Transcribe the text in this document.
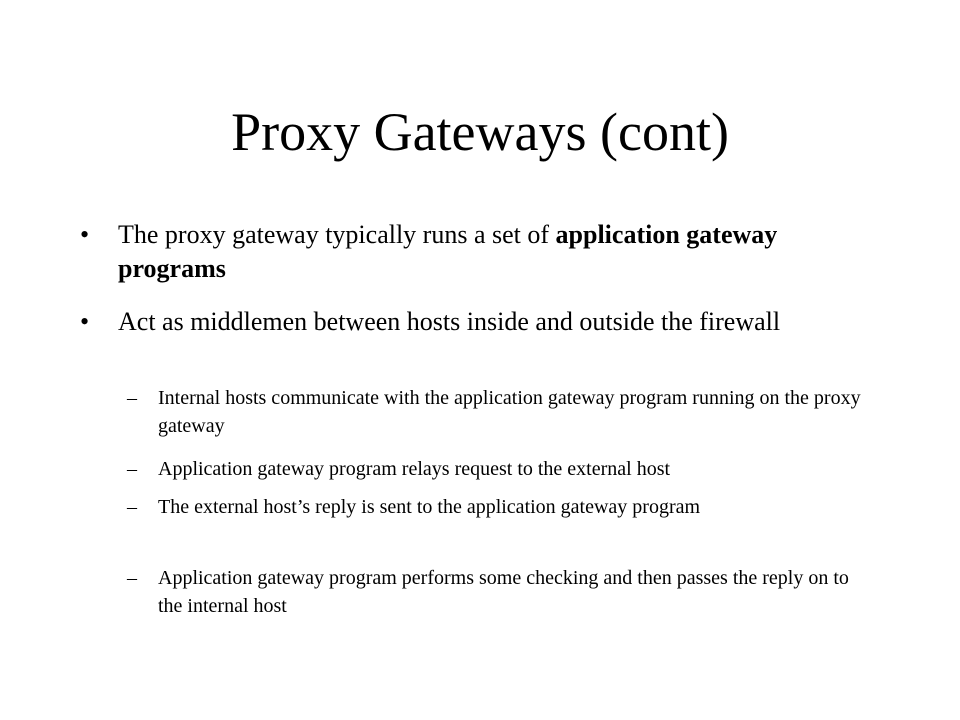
Proxy Gateways (cont)
• The proxy gateway typically runs a set of application gateway programs
• Act as middlemen between hosts inside and outside the firewall
– Internal hosts communicate with the application gateway program running on the proxy gateway
– Application gateway program relays request to the external host
– The external host’s reply is sent to the application gateway program
– Application gateway program performs some checking and then passes the reply on to the internal host
